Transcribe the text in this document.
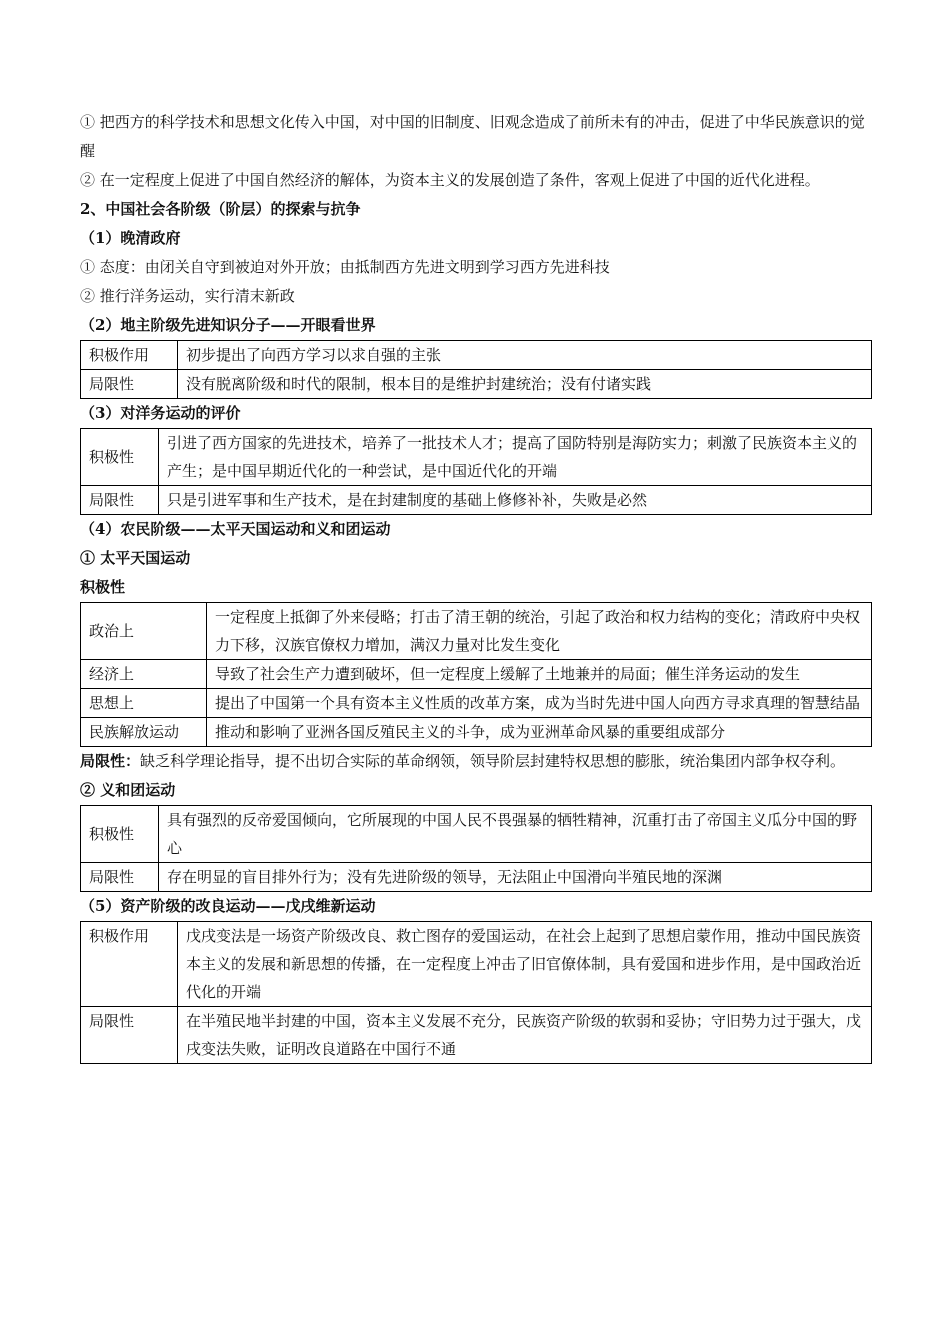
① 把西方的科学技术和思想文化传入中国，对中国的旧制度、旧观念造成了前所未有的冲击，促进了中华民族意识的觉醒

② 在一定程度上促进了中国自然经济的解体，为资本主义的发展创造了条件，客观上促进了中国的近代化进程。

2、中国社会各阶级（阶层）的探索与抗争

（1）晚清政府

① 态度：由闭关自守到被迫对外开放；由抵制西方先进文明到学习西方先进科技

② 推行洋务运动，实行清末新政

（2）地主阶级先进知识分子——开眼看世界

积极作用	初步提出了向西方学习以求自强的主张
局限性	没有脱离阶级和时代的限制，根本目的是维护封建统治；没有付诸实践

（3）对洋务运动的评价

积极性	引进了西方国家的先进技术，培养了一批技术人才；提高了国防特别是海防实力；刺激了民族资本主义的产生；是中国早期近代化的一种尝试，是中国近代化的开端
局限性	只是引进军事和生产技术，是在封建制度的基础上修修补补，失败是必然

（4）农民阶级——太平天国运动和义和团运动

① 太平天国运动

积极性

政治上	一定程度上抵御了外来侵略；打击了清王朝的统治，引起了政治和权力结构的变化；清政府中央权力下移，汉族官僚权力增加，满汉力量对比发生变化
经济上	导致了社会生产力遭到破坏，但一定程度上缓解了土地兼并的局面；催生洋务运动的发生
思想上	提出了中国第一个具有资本主义性质的改革方案，成为当时先进中国人向西方寻求真理的智慧结晶
民族解放运动	推动和影响了亚洲各国反殖民主义的斗争，成为亚洲革命风暴的重要组成部分

局限性：缺乏科学理论指导，提不出切合实际的革命纲领，领导阶层封建特权思想的膨胀，统治集团内部争权夺利。

② 义和团运动

积极性	具有强烈的反帝爱国倾向，它所展现的中国人民不畏强暴的牺牲精神，沉重打击了帝国主义瓜分中国的野心
局限性	存在明显的盲目排外行为；没有先进阶级的领导，无法阻止中国滑向半殖民地的深渊

（5）资产阶级的改良运动——戊戌维新运动

积极作用	戊戌变法是一场资产阶级改良、救亡图存的爱国运动，在社会上起到了思想启蒙作用，推动中国民族资本主义的发展和新思想的传播，在一定程度上冲击了旧官僚体制，具有爱国和进步作用，是中国政治近代化的开端
局限性	在半殖民地半封建的中国，资本主义发展不充分，民族资产阶级的软弱和妥协；守旧势力过于强大，戊戌变法失败，证明改良道路在中国行不通
